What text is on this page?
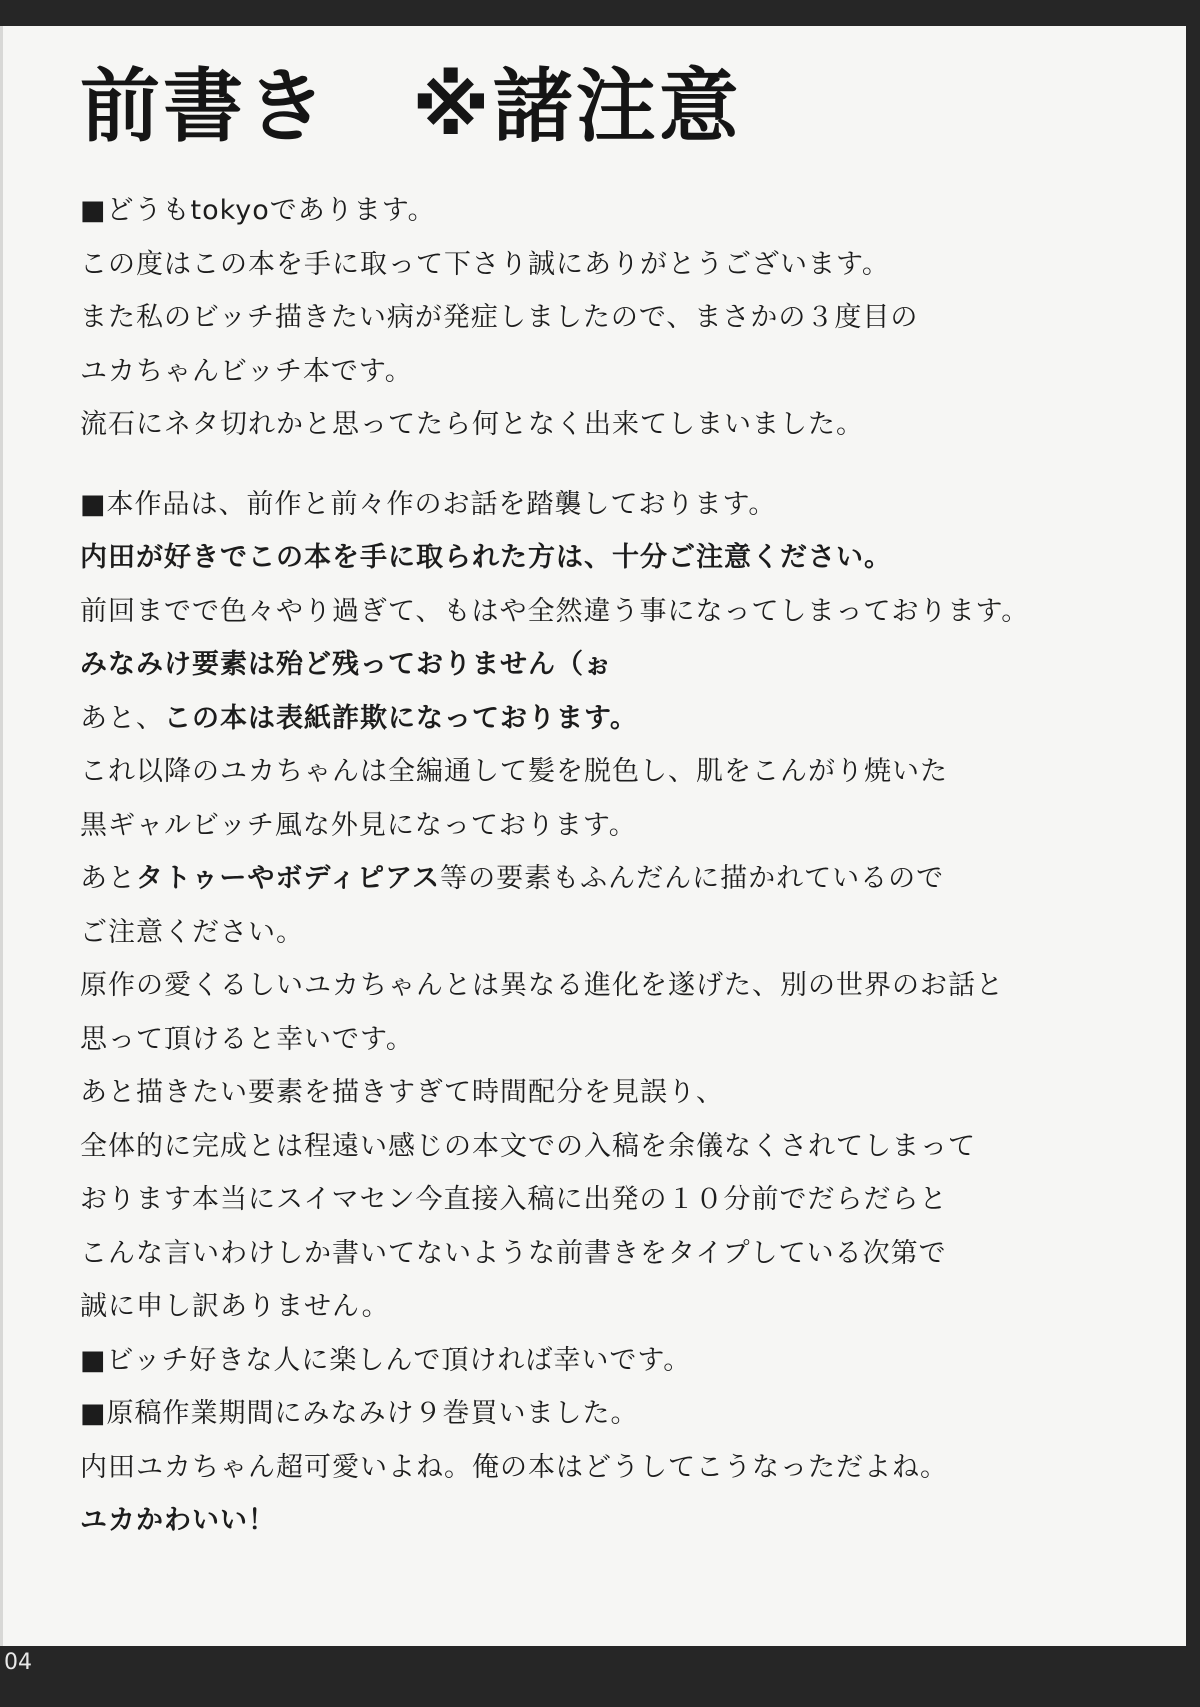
前書き　※諸注意
■どうもtokyoであります。
この度はこの本を手に取って下さり誠にありがとうございます。
また私のビッチ描きたい病が発症しましたので、まさかの３度目の
ユカちゃんビッチ本です。
流石にネタ切れかと思ってたら何となく出来てしまいました。
■本作品は、前作と前々作のお話を踏襲しております。
内田が好きでこの本を手に取られた方は、十分ご注意ください。
前回までで色々やり過ぎて、もはや全然違う事になってしまっております。
みなみけ要素は殆ど残っておりません（ぉ
あと、この本は表紙詐欺になっております。
これ以降のユカちゃんは全編通して髪を脱色し、肌をこんがり焼いた
黒ギャルビッチ風な外見になっております。
あとタトゥーやボディピアス等の要素もふんだんに描かれているので
ご注意ください。
原作の愛くるしいユカちゃんとは異なる進化を遂げた、別の世界のお話と
思って頂けると幸いです。
あと描きたい要素を描きすぎて時間配分を見誤り、
全体的に完成とは程遠い感じの本文での入稿を余儀なくされてしまって
おります本当にスイマセン今直接入稿に出発の１０分前でだらだらと
こんな言いわけしか書いてないような前書きをタイプしている次第で
誠に申し訳ありません。
■ビッチ好きな人に楽しんで頂ければ幸いです。
■原稿作業期間にみなみけ９巻買いました。
内田ユカちゃん超可愛いよね。俺の本はどうしてこうなっただよね。
ユカかわいい！
04
